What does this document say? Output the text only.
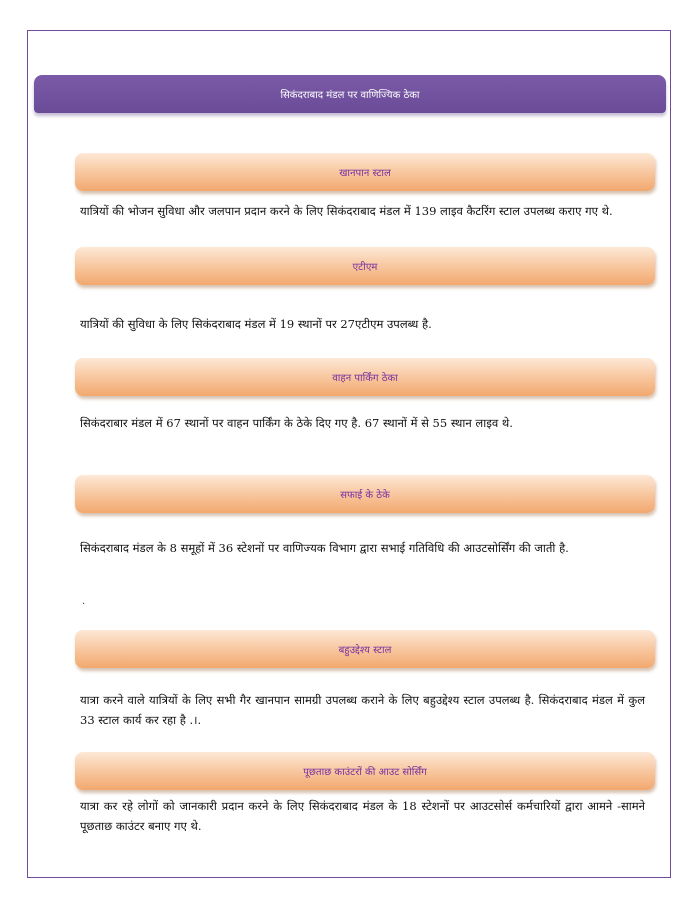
सिकंदराबाद मंडल पर वाणिज्यिक ठेका
खानपान स्टाल
यात्रियों की भोजन सुविधा और जलपान प्रदान करने के लिए सिकंदराबाद मंडल में 139 लाइव कैटरिंग स्टाल उपलब्ध कराए गए थे.
एटीएम
यात्रियों की सुविधा के लिए सिकंदराबाद मंडल में 19 स्थानों पर 27एटीएम उपलब्ध है.
वाहन पार्किंग ठेका
सिकंदराबार मंडल में 67 स्थानों पर वाहन पार्किंग के ठेके दिए गए है. 67 स्थानों में से 55 स्थान लाइव थे.
सफाई के ठेके
सिकंदराबाद मंडल के 8 समूहों में 36 स्टेशनों पर वाणिज्यक विभाग द्वारा सभाई गतिविधि की आउटसोर्सिंग की जाती है.
.
बहुउद्देश्य स्टाल
यात्रा करने वाले यात्रियों के लिए सभी गैर खानपान सामग्री उपलब्ध कराने के लिए बहुउद्देश्य स्टाल उपलब्ध है. सिकंदराबाद मंडल में कुल 33 स्टाल कार्य कर रहा है .।.
पूछताछ काउंटरों की आउट सोर्सिंग
यात्रा कर रहे लोगों को जानकारी प्रदान करने के लिए सिकंदराबाद मंडल के 18 स्टेशनों पर आउटसोर्स कर्मचारियों द्वारा आमने -सामने पूछताछ काउंटर बनाए गए थे.
